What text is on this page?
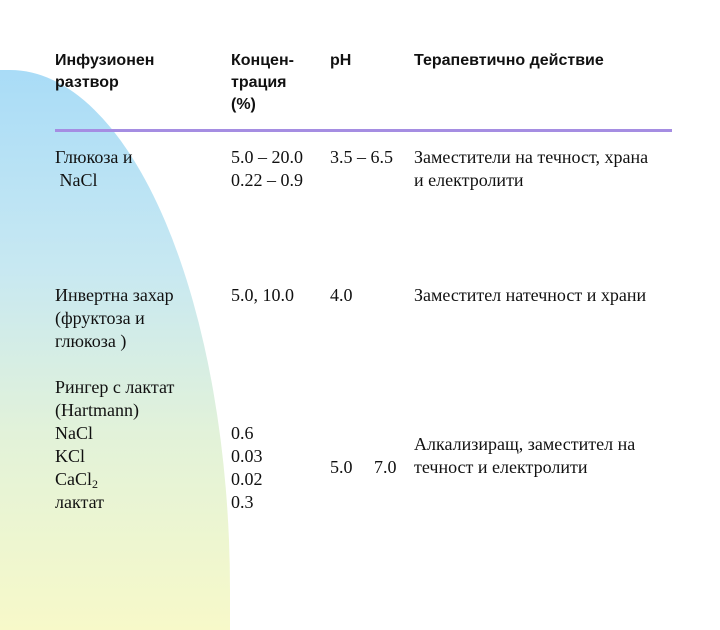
Инфузионен
разтвор
Концен-
трация
(%)
pH	Терапевтично действие
Глюкоза и
NaCl
5.0 – 20.0
0.22 – 0.9
3.5 – 6.5 Заместители на течност, храна
и електролити
Инвертна захар
(фруктоза и
глюкоза )
5.0, 10.0 4.0	Заместител натечност и храни
Рингер с лактат
(Hartmann)
NaCl
KCl
CaCl$_2$
лактат
0.6
0.03
0.02
0.3
5.0 7.0
Алкализиращ, заместител на
течност и електролити
